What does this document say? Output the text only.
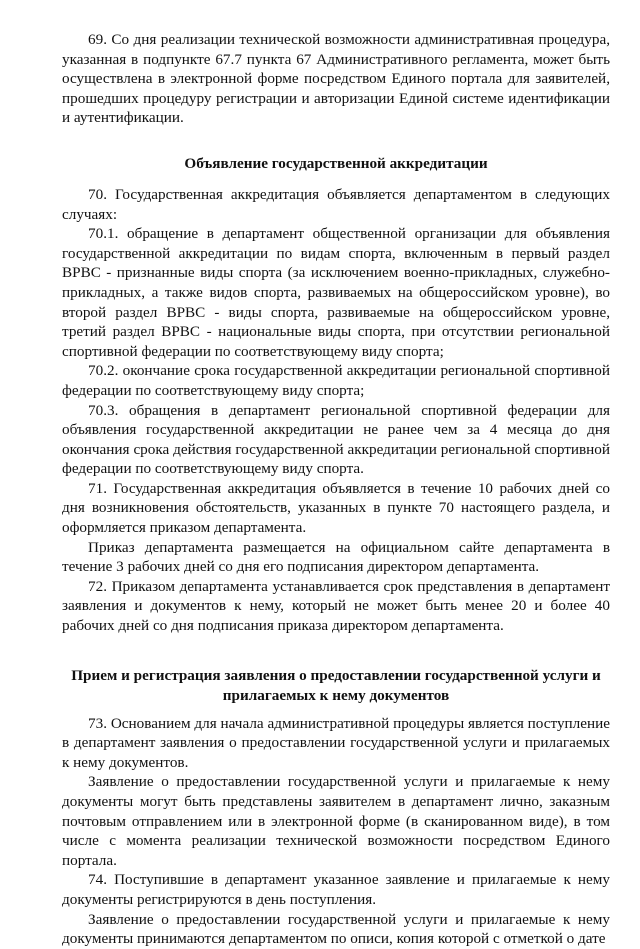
69. Со дня реализации технической возможности административная процедура, указанная в подпункте 67.7 пункта 67 Административного регламента, может быть осуществлена в электронной форме посредством Единого портала для заявителей, прошедших процедуру регистрации и авторизации Единой системе идентификации и аутентификации.

Объявление государственной аккредитации

70. Государственная аккредитация объявляется департаментом в следующих случаях:

70.1. обращение в департамент общественной организации для объявления государственной аккредитации по видам спорта, включенным в первый раздел ВРВС - признанные виды спорта (за исключением военно-прикладных, служебно-прикладных, а также видов спорта, развиваемых на общероссийском уровне), во второй раздел ВРВС - виды спорта, развиваемые на общероссийском уровне, третий раздел ВРВС - национальные виды спорта, при отсутствии региональной спортивной федерации по соответствующему виду спорта;

70.2. окончание срока государственной аккредитации региональной спортивной федерации по соответствующему виду спорта;

70.3. обращения в департамент региональной спортивной федерации для объявления государственной аккредитации не ранее чем за 4 месяца до дня окончания срока действия государственной аккредитации региональной спортивной федерации по соответствующему виду спорта.

71. Государственная аккредитация объявляется в течение 10 рабочих дней со дня возникновения обстоятельств, указанных в пункте 70 настоящего раздела, и оформляется приказом департамента.

Приказ департамента размещается на официальном сайте департамента в течение 3 рабочих дней со дня его подписания директором департамента.

72. Приказом департамента устанавливается срок представления в департамент заявления и документов к нему, который не может быть менее 20 и более 40 рабочих дней со дня подписания приказа директором департамента.

Прием и регистрация заявления о предоставлении государственной услуги и прилагаемых к нему документов

73. Основанием для начала административной процедуры является поступление в департамент заявления о предоставлении государственной услуги и прилагаемых к нему документов.

Заявление о предоставлении государственной услуги и прилагаемые к нему документы могут быть представлены заявителем в департамент лично, заказным почтовым отправлением или в электронной форме (в сканированном виде), в том числе с момента реализации технической возможности посредством Единого портала.

74. Поступившие в департамент указанное заявление и прилагаемые к нему документы регистрируются в день поступления.

Заявление о предоставлении государственной услуги и прилагаемые к нему документы принимаются департаментом по описи, копия которой с отметкой о дате
